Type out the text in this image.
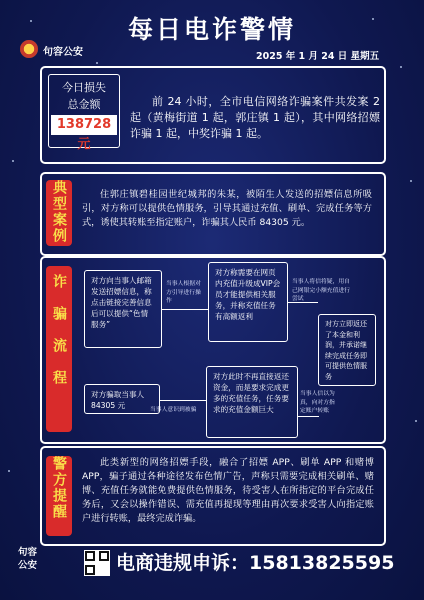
每日电诈警情
句容公安	2025 年 1 月 24 日 星期五
今日损失
总金额
138728 元
前 24 小时，全市电信网络诈骗案件共发案 2 起（黄梅街道 1 起，郭庄镇 1 起），其中网络招嫖诈骗 1 起，中奖诈骗 1 起。
典型案例	住郭庄镇碧桂园世纪城邦的朱某，被陌生人发送的招嫖信息所吸引，对方称可以提供色情服务，引导其通过充值、刷单、完成任务等方式，诱使其转账至指定账户，诈骗其人民币 84305 元。
诈骗流程	对方向当事人邮箱发送招嫖信息，称点击链接完善信息后可以提供“色情服务”
当事人根据对方引导进行操作
对方称需要在网页内充值升级成VIP会员才能提供相关服务，并称充值任务有高额返利
当事人将信将疑，用自己网银完小额充值进行尝试
对方立即返还了本金和利润，并承诺继续完成任务即可提供色情服务
当事人信以为真，向对方指定账户转账
对方此时不再直接返还资金，而是要求完成更多的充值任务，任务要求的充值金额巨大
当事人意识到被骗
对方骗取当事人 84305 元
警方提醒	此类新型的网络招嫖手段，融合了招嫖 APP、刷单 APP 和赌博 APP，骗子通过各种途径发布色情广告，声称只需要完成相关刷单、赌博、充值任务就能免费提供色情服务，待受害人在所指定的平台完成任务后，又会以操作错误、需充值再提现等理由再次要求受害人向指定账户进行转账，最终完成诈骗。
句容
公安	电商违规申诉：15813825595
